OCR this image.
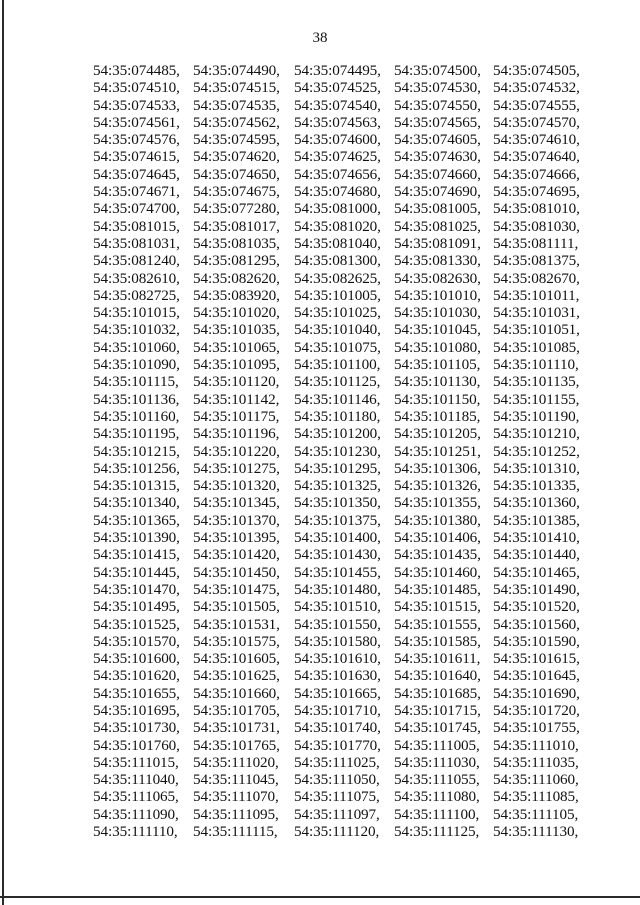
38
54:35:074485, 54:35:074490, 54:35:074495, 54:35:074500, 54:35:074505,
54:35:074510, 54:35:074515, 54:35:074525, 54:35:074530, 54:35:074532,
54:35:074533, 54:35:074535, 54:35:074540, 54:35:074550, 54:35:074555,
54:35:074561, 54:35:074562, 54:35:074563, 54:35:074565, 54:35:074570,
54:35:074576, 54:35:074595, 54:35:074600, 54:35:074605, 54:35:074610,
54:35:074615, 54:35:074620, 54:35:074625, 54:35:074630, 54:35:074640,
54:35:074645, 54:35:074650, 54:35:074656, 54:35:074660, 54:35:074666,
54:35:074671, 54:35:074675, 54:35:074680, 54:35:074690, 54:35:074695,
54:35:074700, 54:35:077280, 54:35:081000, 54:35:081005, 54:35:081010,
54:35:081015, 54:35:081017, 54:35:081020, 54:35:081025, 54:35:081030,
54:35:081031, 54:35:081035, 54:35:081040, 54:35:081091, 54:35:081111,
54:35:081240, 54:35:081295, 54:35:081300, 54:35:081330, 54:35:081375,
54:35:082610, 54:35:082620, 54:35:082625, 54:35:082630, 54:35:082670,
54:35:082725, 54:35:083920, 54:35:101005, 54:35:101010, 54:35:101011,
54:35:101015, 54:35:101020, 54:35:101025, 54:35:101030, 54:35:101031,
54:35:101032, 54:35:101035, 54:35:101040, 54:35:101045, 54:35:101051,
54:35:101060, 54:35:101065, 54:35:101075, 54:35:101080, 54:35:101085,
54:35:101090, 54:35:101095, 54:35:101100, 54:35:101105, 54:35:101110,
54:35:101115, 54:35:101120, 54:35:101125, 54:35:101130, 54:35:101135,
54:35:101136, 54:35:101142, 54:35:101146, 54:35:101150, 54:35:101155,
54:35:101160, 54:35:101175, 54:35:101180, 54:35:101185, 54:35:101190,
54:35:101195, 54:35:101196, 54:35:101200, 54:35:101205, 54:35:101210,
54:35:101215, 54:35:101220, 54:35:101230, 54:35:101251, 54:35:101252,
54:35:101256, 54:35:101275, 54:35:101295, 54:35:101306, 54:35:101310,
54:35:101315, 54:35:101320, 54:35:101325, 54:35:101326, 54:35:101335,
54:35:101340, 54:35:101345, 54:35:101350, 54:35:101355, 54:35:101360,
54:35:101365, 54:35:101370, 54:35:101375, 54:35:101380, 54:35:101385,
54:35:101390, 54:35:101395, 54:35:101400, 54:35:101406, 54:35:101410,
54:35:101415, 54:35:101420, 54:35:101430, 54:35:101435, 54:35:101440,
54:35:101445, 54:35:101450, 54:35:101455, 54:35:101460, 54:35:101465,
54:35:101470, 54:35:101475, 54:35:101480, 54:35:101485, 54:35:101490,
54:35:101495, 54:35:101505, 54:35:101510, 54:35:101515, 54:35:101520,
54:35:101525, 54:35:101531, 54:35:101550, 54:35:101555, 54:35:101560,
54:35:101570, 54:35:101575, 54:35:101580, 54:35:101585, 54:35:101590,
54:35:101600, 54:35:101605, 54:35:101610, 54:35:101611, 54:35:101615,
54:35:101620, 54:35:101625, 54:35:101630, 54:35:101640, 54:35:101645,
54:35:101655, 54:35:101660, 54:35:101665, 54:35:101685, 54:35:101690,
54:35:101695, 54:35:101705, 54:35:101710, 54:35:101715, 54:35:101720,
54:35:101730, 54:35:101731, 54:35:101740, 54:35:101745, 54:35:101755,
54:35:101760, 54:35:101765, 54:35:101770, 54:35:111005, 54:35:111010,
54:35:111015, 54:35:111020,	54:35:111025, 54:35:111030, 54:35:111035,
54:35:111040, 54:35:111045,	54:35:111050, 54:35:111055, 54:35:111060,
54:35:111065, 54:35:111070,	54:35:111075, 54:35:111080, 54:35:111085,
54:35:111090, 54:35:111095,	54:35:111097, 54:35:111100, 54:35:111105,
54:35:111110,	54:35:111115,	54:35:111120, 54:35:111125, 54:35:111130,
